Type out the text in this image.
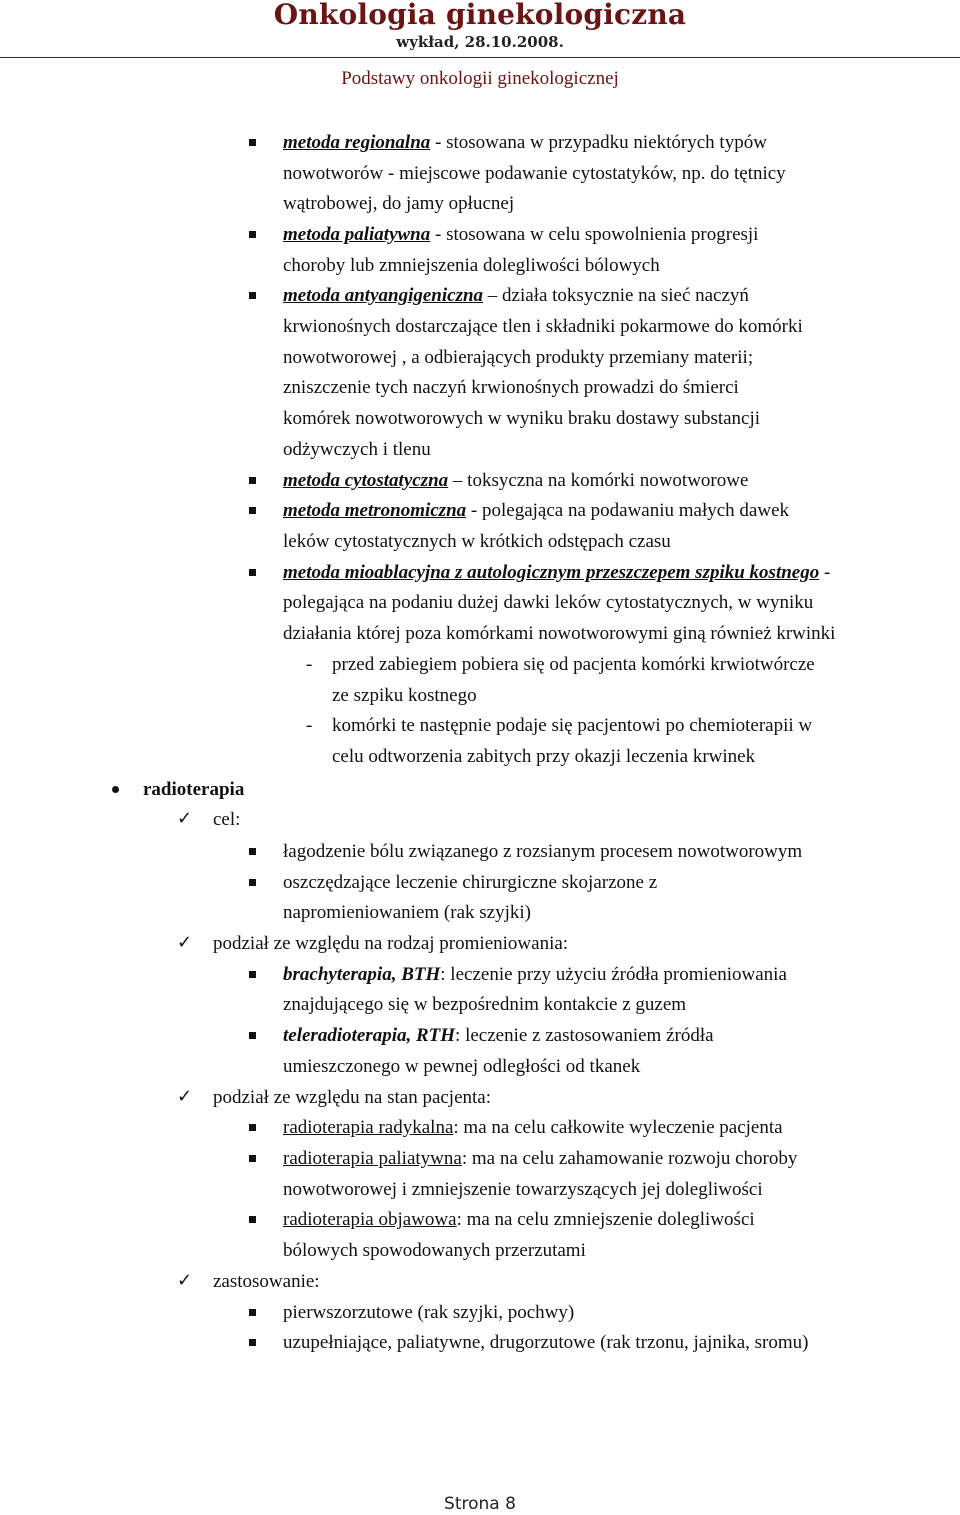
Onkologia ginekologiczna
wykład, 28.10.2008.
Podstawy onkologii ginekologicznej
metoda regionalna - stosowana w przypadku niektórych typów
nowotworów - miejscowe podawanie cytostatyków, np. do tętnicy
wątrobowej, do jamy opłucnej
metoda paliatywna - stosowana w celu spowolnienia progresji
choroby lub zmniejszenia dolegliwości bólowych
metoda antyangigeniczna – działa toksycznie na sieć naczyń
krwionośnych dostarczające tlen i składniki pokarmowe do komórki
nowotworowej , a odbierających produkty przemiany materii;
zniszczenie tych naczyń krwionośnych prowadzi do śmierci
komórek nowotworowych w wyniku braku dostawy substancji
odżywczych i tlenu
metoda cytostatyczna – toksyczna na komórki nowotworowe
metoda metronomiczna - polegająca na podawaniu małych dawek
leków cytostatycznych w krótkich odstępach czasu
metoda mioablacyjna z autologicznym przeszczepem szpiku kostnego -
polegająca na podaniu dużej dawki leków cytostatycznych, w wyniku
działania której poza komórkami nowotworowymi giną również krwinki
- przed zabiegiem pobiera się od pacjenta komórki krwiotwórcze
ze szpiku kostnego
- komórki te następnie podaje się pacjentowi po chemioterapii w
celu odtworzenia zabitych przy okazji leczenia krwinek
radioterapia
✓ cel:
łagodzenie bólu związanego z rozsianym procesem nowotworowym
oszczędzające leczenie chirurgiczne skojarzone z
napromieniowaniem (rak szyjki)
✓ podział ze względu na rodzaj promieniowania:
brachyterapia, BTH: leczenie przy użyciu źródła promieniowania
znajdującego się w bezpośrednim kontakcie z guzem
teleradioterapia, RTH: leczenie z zastosowaniem źródła
umieszczonego w pewnej odległości od tkanek
✓ podział ze względu na stan pacjenta:
radioterapia radykalna: ma na celu całkowite wyleczenie pacjenta
radioterapia paliatywna: ma na celu zahamowanie rozwoju choroby
nowotworowej i zmniejszenie towarzyszących jej dolegliwości
radioterapia objawowa: ma na celu zmniejszenie dolegliwości
bólowych spowodowanych przerzutami
✓ zastosowanie:
pierwszorzutowe (rak szyjki, pochwy)
uzupełniające, paliatywne, drugorzutowe (rak trzonu, jajnika, sromu)
Strona 8
